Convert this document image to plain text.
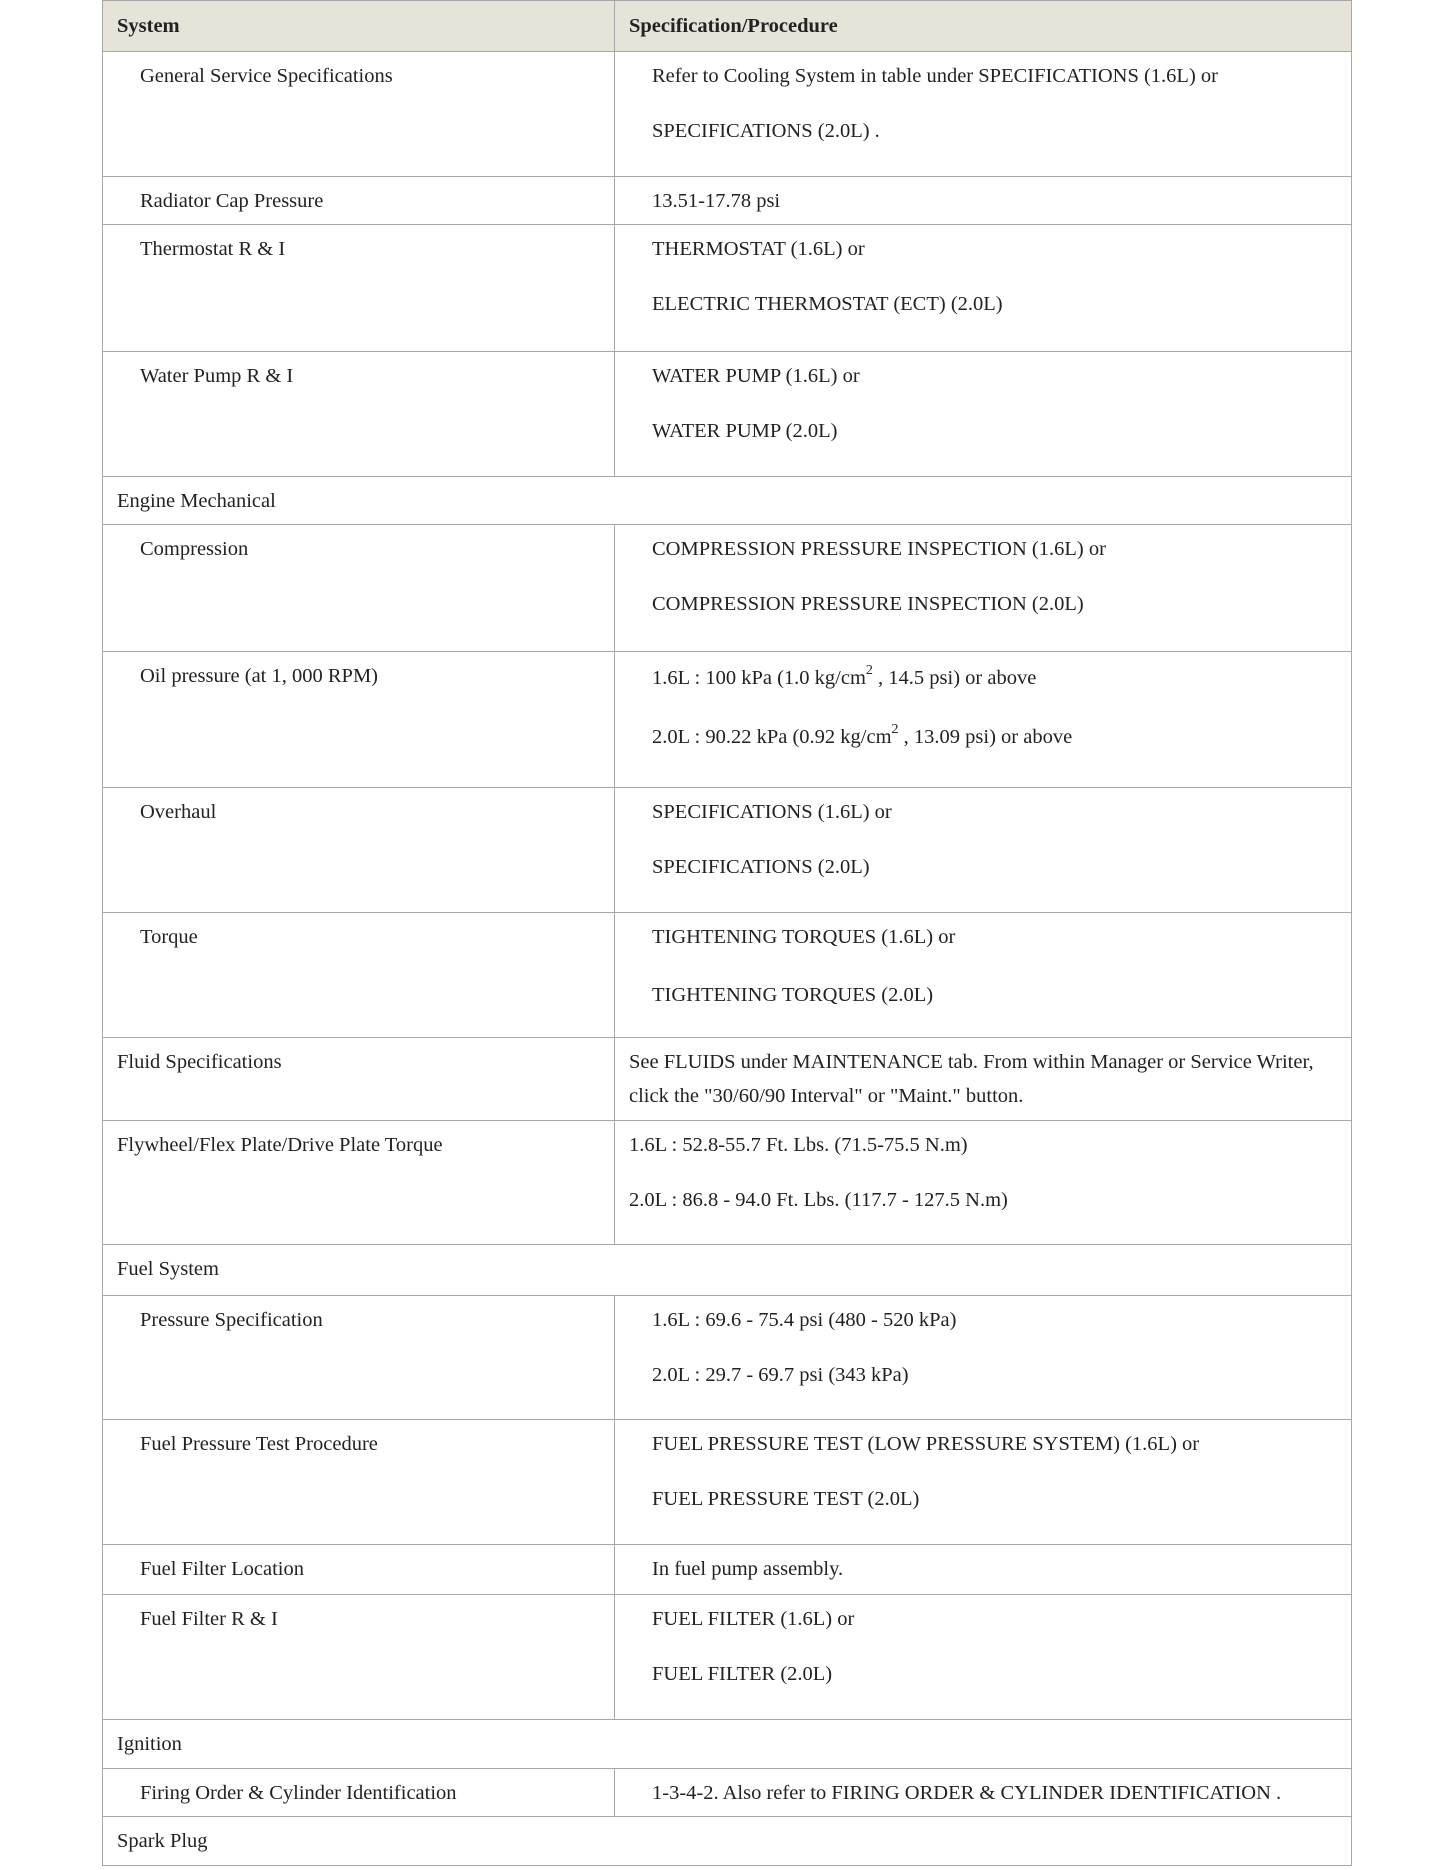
System	Specification/Procedure

General Service Specifications	Refer to Cooling System in table under SPECIFICATIONS (1.6L) or

SPECIFICATIONS (2.0L) .

Radiator Cap Pressure	13.51-17.78 psi

Thermostat R & I	THERMOSTAT (1.6L) or

ELECTRIC THERMOSTAT (ECT) (2.0L)

Water Pump R & I	WATER PUMP (1.6L) or

WATER PUMP (2.0L)

Engine Mechanical	

Compression	COMPRESSION PRESSURE INSPECTION (1.6L) or

COMPRESSION PRESSURE INSPECTION (2.0L)

Oil pressure (at 1, 000 RPM)	1.6L : 100 kPa (1.0 $kg/cm^2$ , 14.5 psi) or above

2.0L : 90.22 kPa (0.92 $kg/cm^2$ , 13.09 psi) or above

Overhaul	SPECIFICATIONS (1.6L) or

SPECIFICATIONS (2.0L)

Torque	TIGHTENING TORQUES (1.6L) or

TIGHTENING TORQUES (2.0L)

Fluid Specifications	See FLUIDS under MAINTENANCE tab. From within Manager or Service Writer, click the "30/60/90 Interval" or "Maint." button.

Flywheel/Flex Plate/Drive Plate Torque	1.6L : 52.8-55.7 Ft. Lbs. (71.5-75.5 N.m)

2.0L : 86.8 - 94.0 Ft. Lbs. (117.7 - 127.5 N.m)

Fuel System	

Pressure Specification	1.6L : 69.6 - 75.4 psi (480 - 520 kPa)

2.0L : 29.7 - 69.7 psi (343 kPa)

Fuel Pressure Test Procedure	FUEL PRESSURE TEST (LOW PRESSURE SYSTEM) (1.6L) or

FUEL PRESSURE TEST (2.0L)

Fuel Filter Location	In fuel pump assembly.

Fuel Filter R & I	FUEL FILTER (1.6L) or

FUEL FILTER (2.0L)

Ignition	

Firing Order & Cylinder Identification	1-3-4-2. Also refer to FIRING ORDER & CYLINDER IDENTIFICATION .

Spark Plug	
